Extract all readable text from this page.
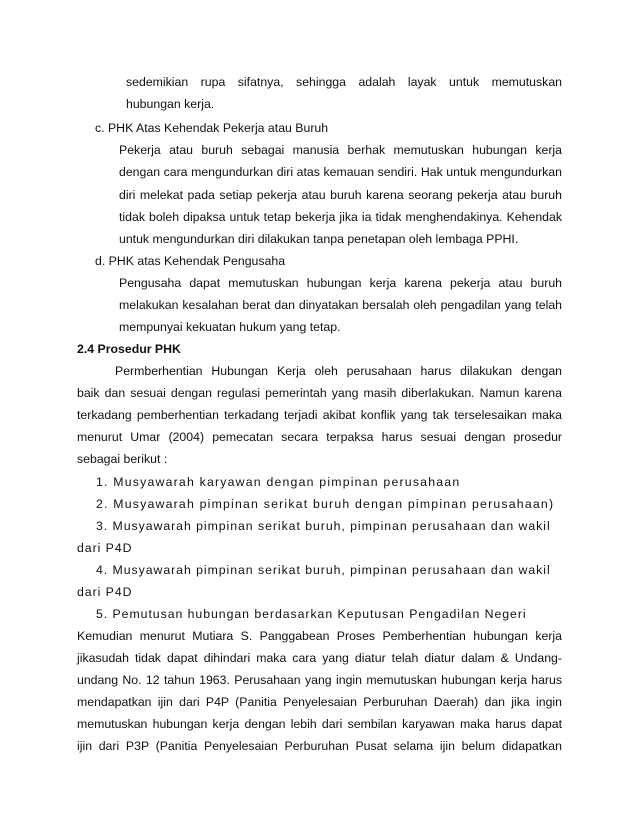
sedemikian rupa sifatnya, sehingga adalah layak untuk memutuskan
hubungan kerja.
c. PHK Atas Kehendak Pekerja atau Buruh
Pekerja atau buruh sebagai manusia berhak memutuskan hubungan kerja
dengan cara mengundurkan diri atas kemauan sendiri. Hak untuk mengundurkan
diri melekat pada setiap pekerja atau buruh karena seorang pekerja atau buruh
tidak boleh dipaksa untuk tetap bekerja jika ia tidak menghendakinya. Kehendak
untuk mengundurkan diri dilakukan tanpa penetapan oleh lembaga PPHI.
d. PHK atas Kehendak Pengusaha
Pengusaha dapat memutuskan hubungan kerja karena pekerja atau buruh
melakukan kesalahan berat dan dinyatakan bersalah oleh pengadilan yang telah
mempunyai kekuatan hukum yang tetap.
2.4 Prosedur PHK
Permberhentian Hubungan Kerja oleh perusahaan harus dilakukan dengan
baik dan sesuai dengan regulasi pemerintah yang masih diberlakukan. Namun karena
terkadang pemberhentian terkadang terjadi akibat konflik yang tak terselesaikan maka
menurut Umar (2004) pemecatan secara terpaksa harus sesuai dengan prosedur
sebagai berikut :
1. Musyawarah karyawan dengan pimpinan perusahaan
2. Musyawarah pimpinan serikat buruh dengan pimpinan perusahaan)
3. Musyawarah pimpinan serikat buruh, pimpinan perusahaan dan wakil
dari P4D
4. Musyawarah pimpinan serikat buruh, pimpinan perusahaan dan wakil
dari P4D
5. Pemutusan hubungan berdasarkan Keputusan Pengadilan Negeri
Kemudian menurut Mutiara S. Panggabean Proses Pemberhentian hubungan kerja
jikasudah tidak dapat dihindari maka cara yang diatur telah diatur dalam & Undang-
undang No. 12 tahun 1963. Perusahaan yang ingin memutuskan hubungan kerja harus
mendapatkan ijin dari P4P (Panitia Penyelesaian Perburuhan Daerah) dan jika ingin
memutuskan hubungan kerja dengan lebih dari sembilan karyawan maka harus dapat
ijin dari P3P (Panitia Penyelesaian Perburuhan Pusat selama ijin belum didapatkan
